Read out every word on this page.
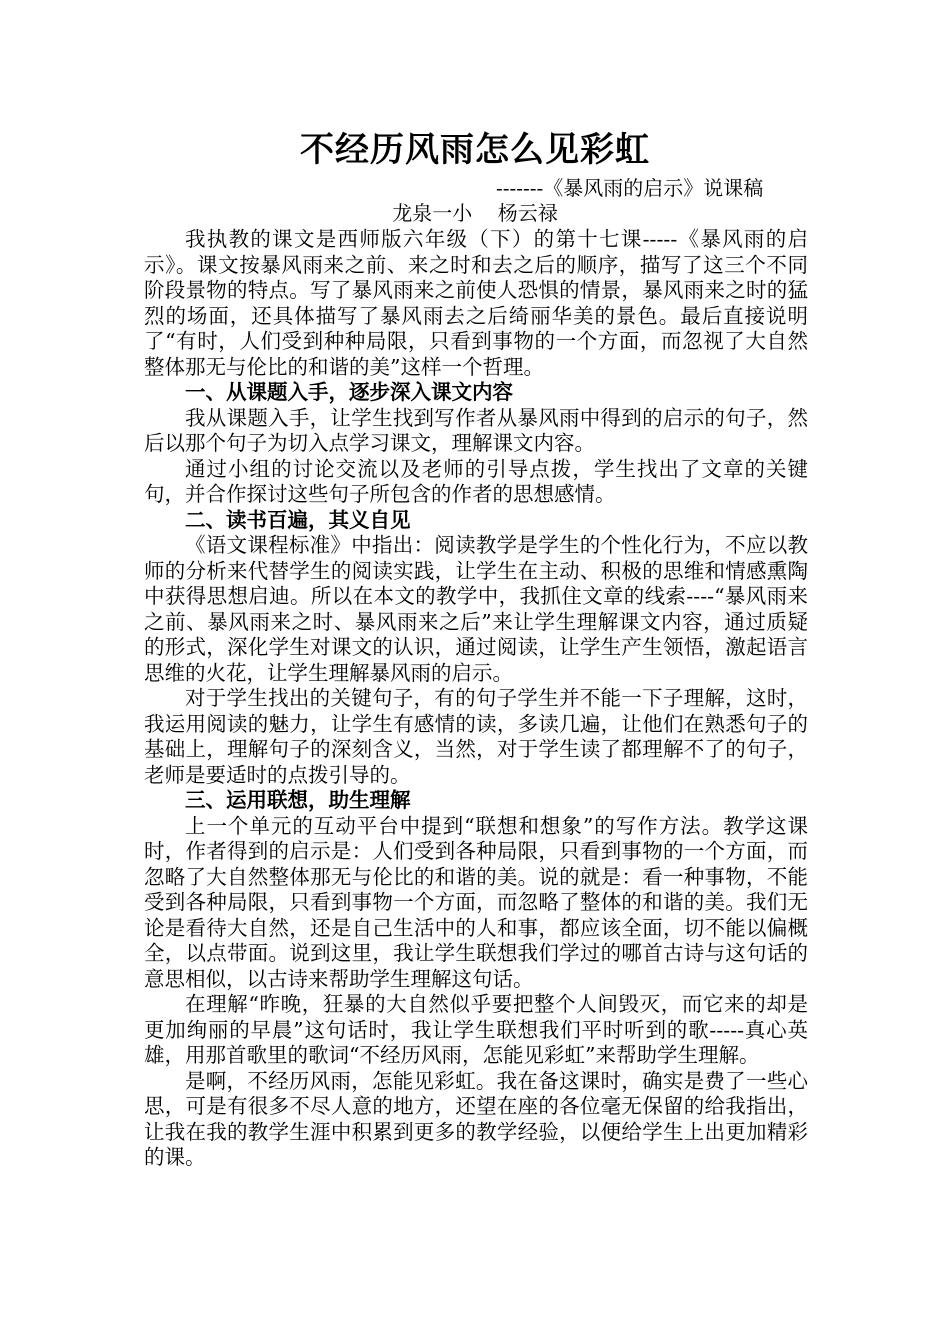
不经历风雨怎么见彩虹
-------《暴风雨的启示》说课稿
龙泉一小    杨云禄

我执教的课文是西师版六年级（下）的第十七课-----《暴风雨的启示》。课文按暴风雨来之前、来之时和去之后的顺序，描写了这三个不同阶段景物的特点。写了暴风雨来之前使人恐惧的情景，暴风雨来之时的猛烈的场面，还具体描写了暴风雨去之后绮丽华美的景色。最后直接说明了“有时，人们受到种种局限，只看到事物的一个方面，而忽视了大自然整体那无与伦比的和谐的美”这样一个哲理。

一、从课题入手，逐步深入课文内容

我从课题入手，让学生找到写作者从暴风雨中得到的启示的句子，然后以那个句子为切入点学习课文，理解课文内容。

通过小组的讨论交流以及老师的引导点拨，学生找出了文章的关键句，并合作探讨这些句子所包含的作者的思想感情。

二、读书百遍，其义自见

《语文课程标准》中指出：阅读教学是学生的个性化行为，不应以教师的分析来代替学生的阅读实践，让学生在主动、积极的思维和情感熏陶中获得思想启迪。所以在本文的教学中，我抓住文章的线索----“暴风雨来之前、暴风雨来之时、暴风雨来之后”来让学生理解课文内容，通过质疑的形式，深化学生对课文的认识，通过阅读，让学生产生领悟，激起语言思维的火花，让学生理解暴风雨的启示。

对于学生找出的关键句子，有的句子学生并不能一下子理解，这时，我运用阅读的魅力，让学生有感情的读，多读几遍，让他们在熟悉句子的基础上，理解句子的深刻含义，当然，对于学生读了都理解不了的句子，老师是要适时的点拨引导的。

三、运用联想，助生理解

上一个单元的互动平台中提到“联想和想象”的写作方法。教学这课时，作者得到的启示是：人们受到各种局限，只看到事物的一个方面，而忽略了大自然整体那无与伦比的和谐的美。说的就是：看一种事物，不能受到各种局限，只看到事物一个方面，而忽略了整体的和谐的美。我们无论是看待大自然，还是自己生活中的人和事，都应该全面，切不能以偏概全，以点带面。说到这里，我让学生联想我们学过的哪首古诗与这句话的意思相似，以古诗来帮助学生理解这句话。

在理解“昨晚，狂暴的大自然似乎要把整个人间毁灭，而它来的却是更加绚丽的早晨”这句话时，我让学生联想我们平时听到的歌-----真心英雄，用那首歌里的歌词“不经历风雨，怎能见彩虹”来帮助学生理解。

是啊，不经历风雨，怎能见彩虹。我在备这课时，确实是费了一些心思，可是有很多不尽人意的地方，还望在座的各位毫无保留的给我指出，让我在我的教学生涯中积累到更多的教学经验，以便给学生上出更加精彩的课。
